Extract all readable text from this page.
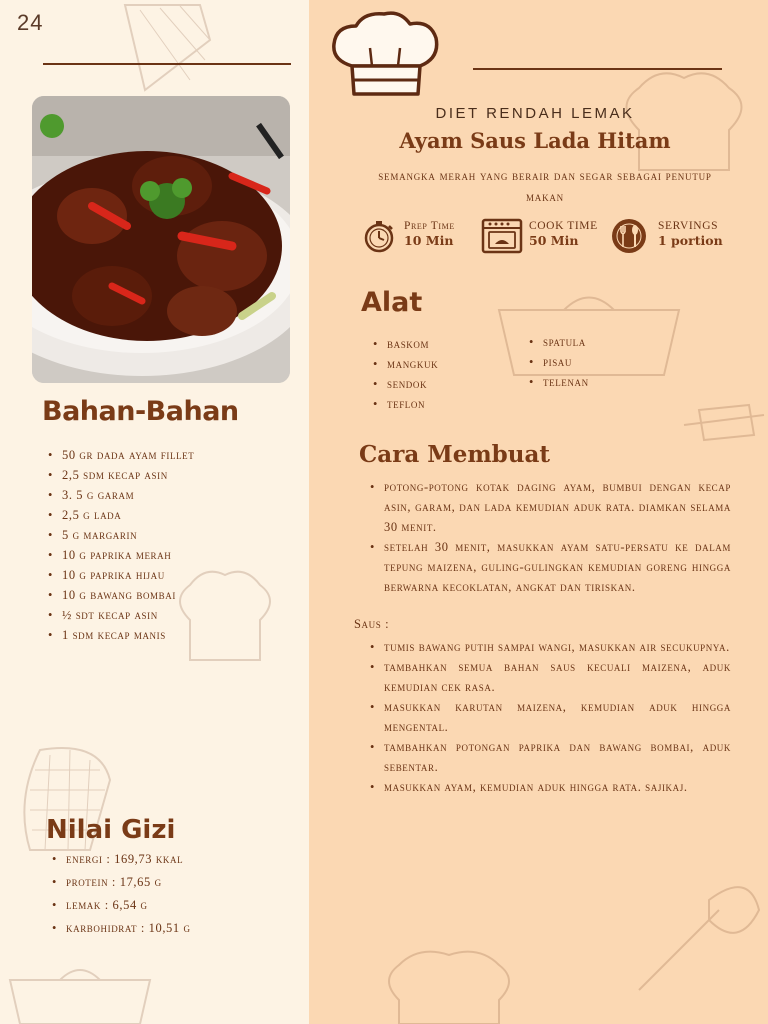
24
Bahan-Bahan
• 50 gr dada ayam fillet
• 2,5 sdm kecap asin
• 3. 5 g garam
• 2,5 g lada
• 5 g margarin
• 10 g paprika merah
• 10 g paprika hijau
• 10 g bawang bombai
• ½ sdt kecap asin
• 1 sdm kecap manis
Nilai Gizi
• energi : 169,73 kkal
• protein : 17,65 g
• lemak : 6,54 g
• karbohidrat : 10,51 g
DIET RENDAH LEMAK
Ayam Saus Lada Hitam
semangka merah yang berair dan segar sebagai penutup makan
Prep Time
10 Min
COOK TIME
50 Min
SERVINGS
1 portion
Alat
• baskom
• mangkuk
• sendok
• teflon
• spatula
• pisau
• telenan
Cara Membuat
• potong-potong kotak daging ayam, bumbui dengan kecap asin, garam, dan lada kemudian aduk rata. diamkan selama 30 menit.
• setelah 30 menit, masukkan ayam satu-persatu ke dalam tepung maizena, guling-gulingkan kemudian goreng hingga berwarna kecoklatan, angkat dan tiriskan.
Saus :
• tumis bawang putih sampai wangi, masukkan air secukupnya.
• tambahkan semua bahan saus kecuali maizena, aduk kemudian cek rasa.
• masukkan karutan maizena, kemudian aduk hingga mengental.
• tambahkan potongan paprika dan bawang bombai, aduk sebentar.
• masukkan ayam, kemudian aduk hingga rata. sajikaj.
